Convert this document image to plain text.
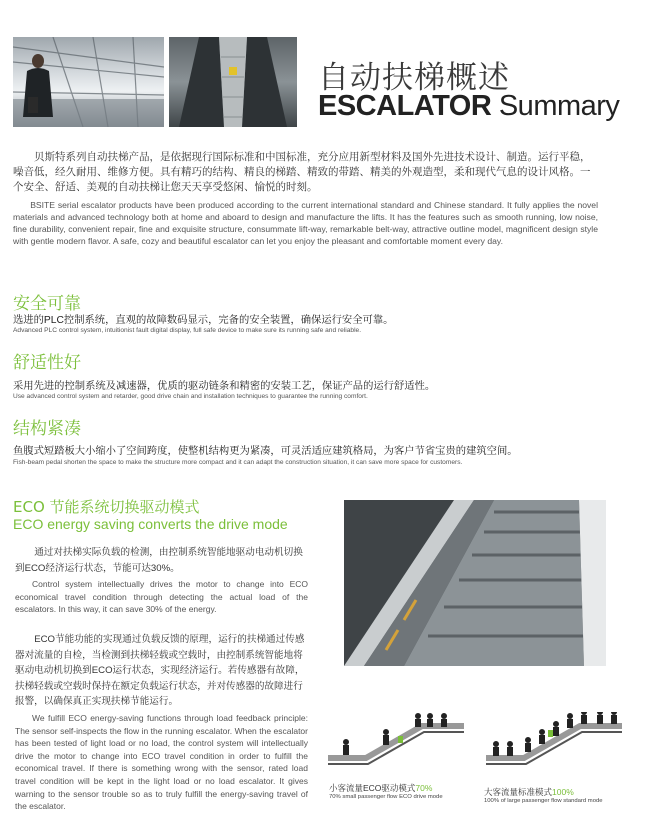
自动扶梯概述
ESCALATOR Summary
贝斯特系列自动扶梯产品，是依据现行国际标准和中国标准，充分应用新型材料及国外先进技术设计、制造。运行平稳，噪音低，经久耐用、维修方便。具有精巧的结构、精良的梯踏、精致的带踏、精美的外观造型，柔和现代气息的设计风格。一个安全、舒适、美观的自动扶梯让您天天享受悠闲、愉悦的时刻。
BSITE serial escalator products have been produced according to the current international standard and Chinese standard. It fully applies the novel materials and advanced technology both at home and aboard to design and manufacture the lifts. It has the features such as smooth running, low noise, fine durability, convenient repair, fine and exquisite structure, consummate lift-way, remarkable belt-way, attractive outline model, magnificent design style with gentle modern flavor. A safe, cozy and beautiful escalator can let you enjoy the pleasant and comfortable moment every day.
安全可靠
选进的PLC控制系统，直观的故障数码显示，完备的安全装置，确保运行安全可靠。
Advanced PLC control system, intuitionist fault digital display, full safe device to make sure its running safe and reliable.
舒适性好
采用先进的控制系统及减速器，优质的驱动链条和精密的安装工艺，保证产品的运行舒适性。
Use advanced control system and retarder, good drive chain and installation techniques to guarantee the running comfort.
结构紧凑
鱼腹式短踏板大小缩小了空间跨度，使整机结构更为紧凑，可灵活适应建筑格局，为客户节省宝贵的建筑空间。
Fish-beam pedal shorten the space to make the structure more compact and it can adapt the construction situation, it can save more space for customers.
ECO 节能系统切换驱动模式
ECO energy saving converts the drive mode
通过对扶梯实际负载的检测，由控制系统智能地驱动电动机切换到ECO经济运行状态，节能可达30%。
Control system intellectually drives the motor to change into ECO economical travel condition through detecting the actual load of the escalators. In this way, it can save 30% of the energy.
ECO节能功能的实现通过负载反馈的原理，运行的扶梯通过传感器对流量的自检，当检测到扶梯轻载或空载时，由控制系统智能地将驱动电动机切换到ECO运行状态，实现经济运行。若传感器有故障，扶梯轻载或空载时保持在额定负载运行状态，并对传感器的故障进行报警，以确保真正实现扶梯节能运行。
We fulfill ECO energy-saving functions through load feedback principle: The sensor self-inspects the flow in the running escalator. When the escalator has been tested of light load or no load, the control system will intellectually drive the motor to change into ECO travel condition in order to fulfill the economical travel. If there is something wrong with the sensor, rated load travel condition will be kept in the light load or no load escalator. It gives warning to the sensor trouble so as to truly fulfill the energy-saving travel of the escalator.
小客流量ECO驱动模式70%
70% small passenger flow ECO drive mode	大客流量标准模式100%
100% of large passenger flow standard mode
